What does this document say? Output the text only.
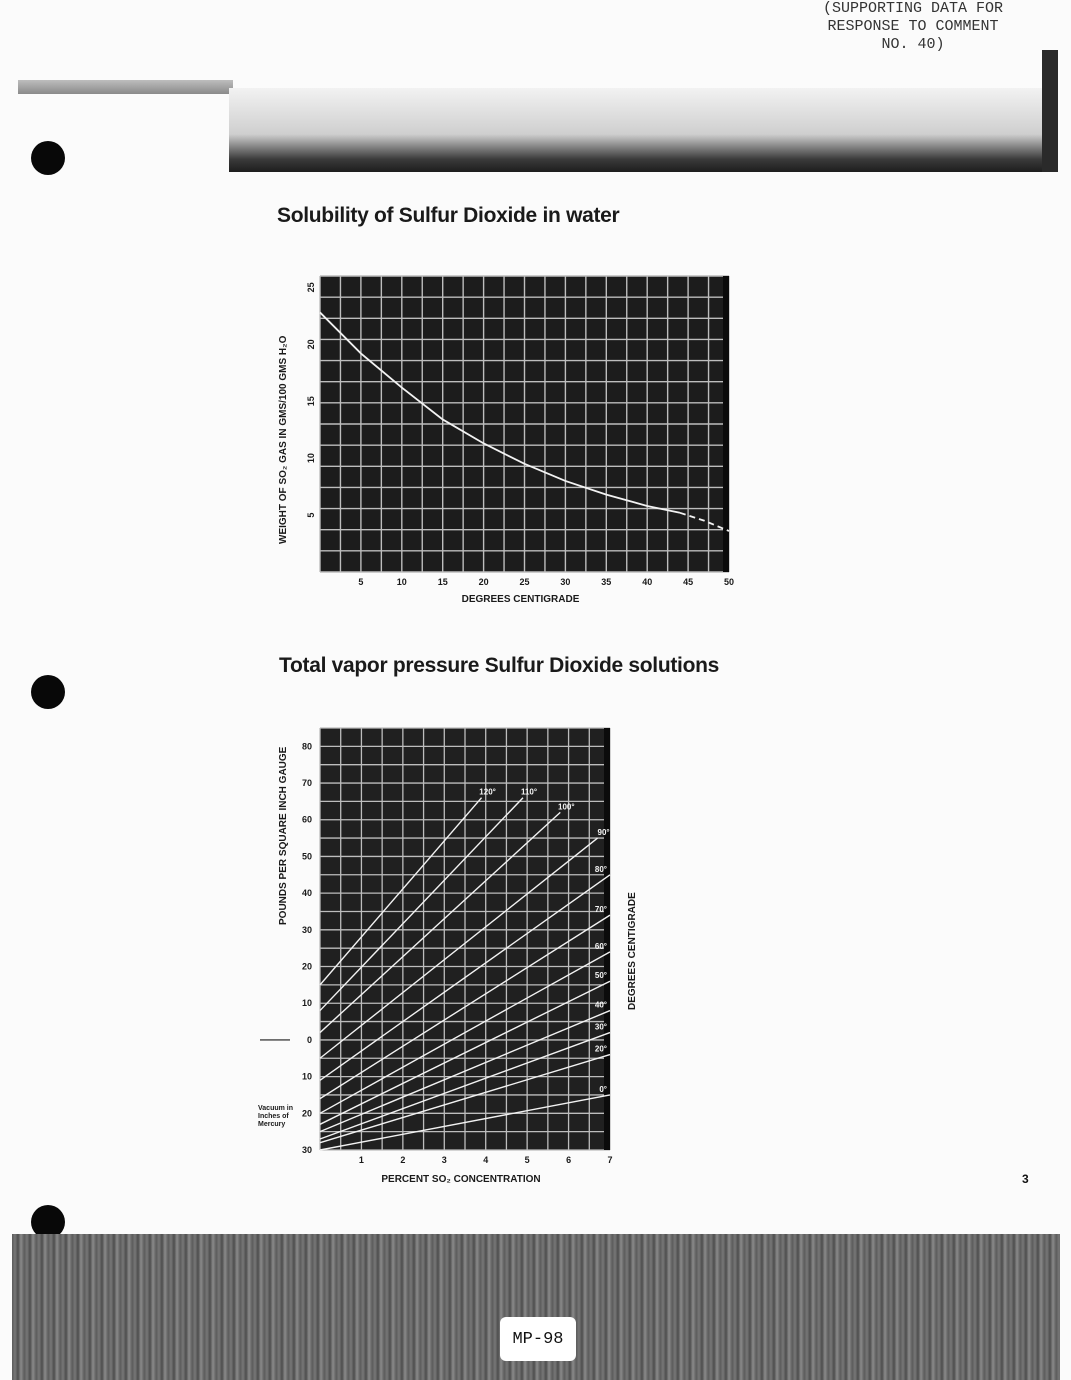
(SUPPORTING DATA FOR
RESPONSE TO COMMENT
NO. 40)
Solubility of Sulfur Dioxide in water
WEIGHT OF SO₂ GAS IN GMS/100 GMS H₂O
5	10	15	20	25	30	35	40	45	50
5
10
15
20
25
DEGREES CENTIGRADE
Total vapor pressure Sulfur Dioxide solutions
POUNDS PER SQUARE INCH GAUGE
DEGREES CENTIGRADE
Vacuum in Inches of Mercury
120°	110°
100°
90°
80°
70°
60°
50°
40°
30°
20°
0°
80
70
60
50
40
30
20
10
0
10
20
30
1	2	3	4	5	6	7
PERCENT SO₂ CONCENTRATION	3
MP-98
